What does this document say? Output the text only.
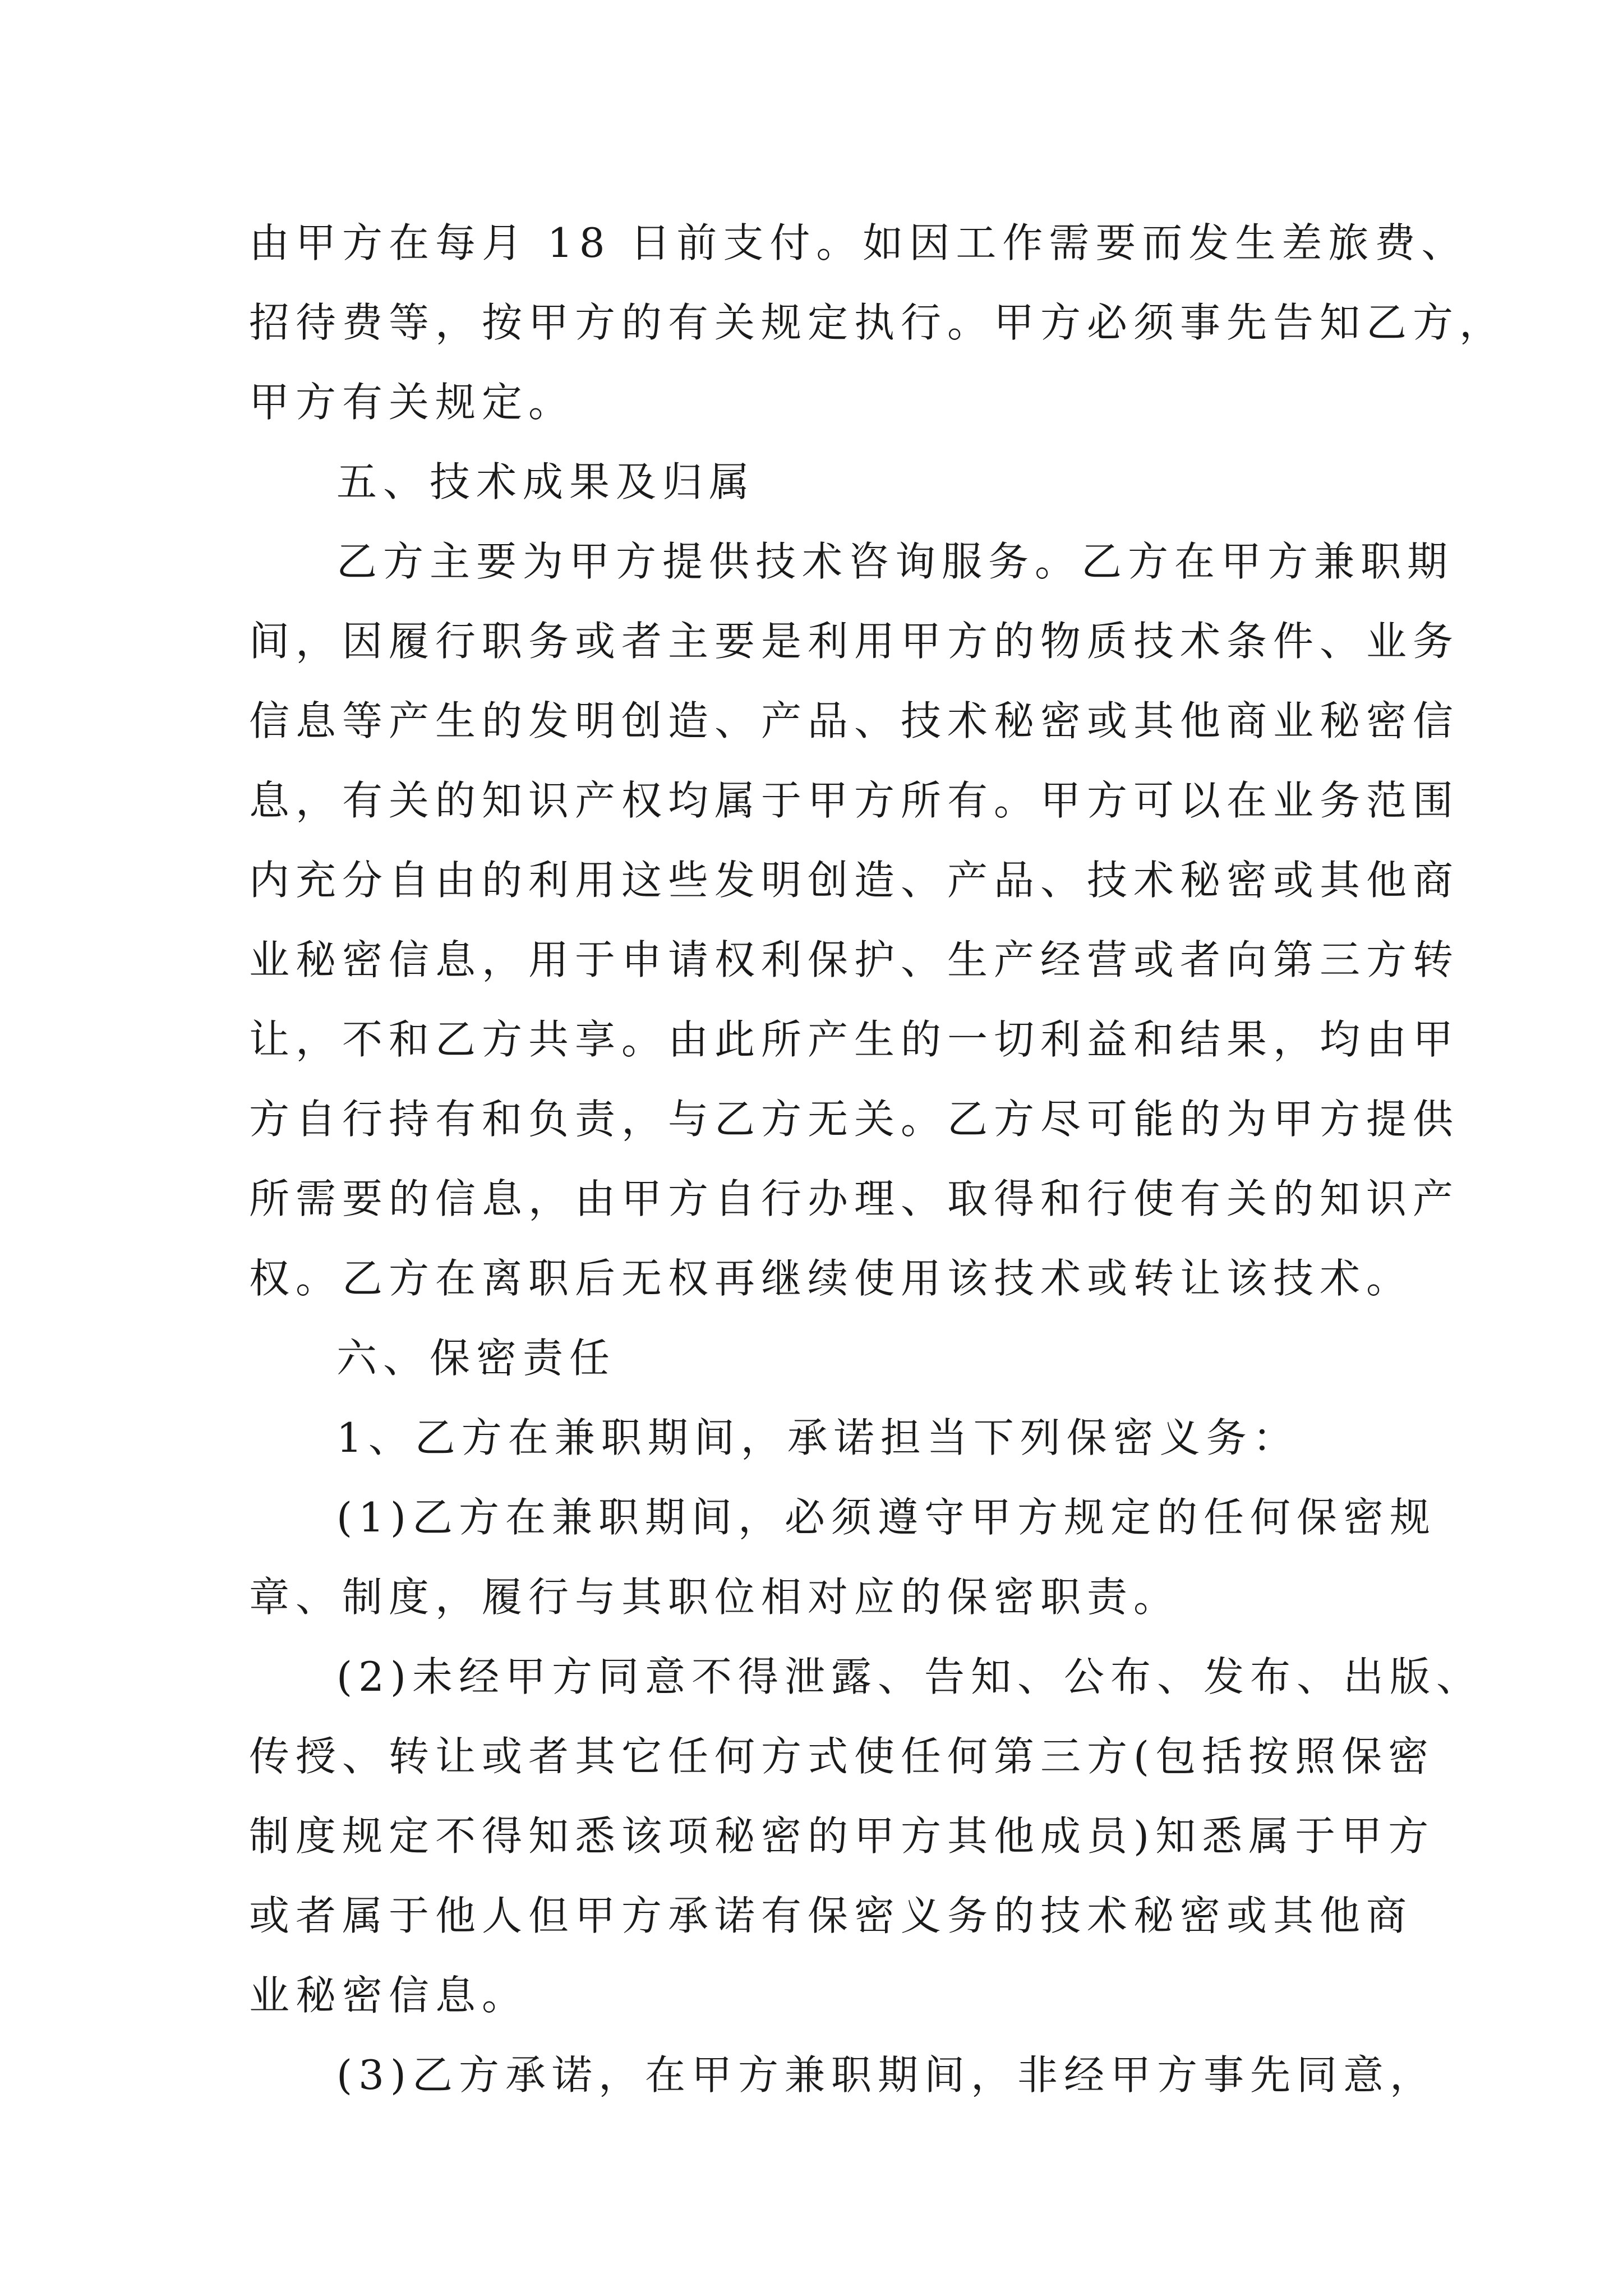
由甲方在每月 18 日前支付。如因工作需要而发生差旅费、
招待费等，按甲方的有关规定执行。甲方必须事先告知乙方，
甲方有关规定。
五、技术成果及归属
乙方主要为甲方提供技术咨询服务。乙方在甲方兼职期
间，因履行职务或者主要是利用甲方的物质技术条件、业务
信息等产生的发明创造、产品、技术秘密或其他商业秘密信
息，有关的知识产权均属于甲方所有。甲方可以在业务范围
内充分自由的利用这些发明创造、产品、技术秘密或其他商
业秘密信息，用于申请权利保护、生产经营或者向第三方转
让，不和乙方共享。由此所产生的一切利益和结果，均由甲
方自行持有和负责，与乙方无关。乙方尽可能的为甲方提供
所需要的信息，由甲方自行办理、取得和行使有关的知识产
权。乙方在离职后无权再继续使用该技术或转让该技术。
六、保密责任
1、乙方在兼职期间，承诺担当下列保密义务：
(1)乙方在兼职期间，必须遵守甲方规定的任何保密规
章、制度，履行与其职位相对应的保密职责。
(2)未经甲方同意不得泄露、告知、公布、发布、出版、
传授、转让或者其它任何方式使任何第三方(包括按照保密
制度规定不得知悉该项秘密的甲方其他成员)知悉属于甲方
或者属于他人但甲方承诺有保密义务的技术秘密或其他商
业秘密信息。
(3)乙方承诺，在甲方兼职期间，非经甲方事先同意，
